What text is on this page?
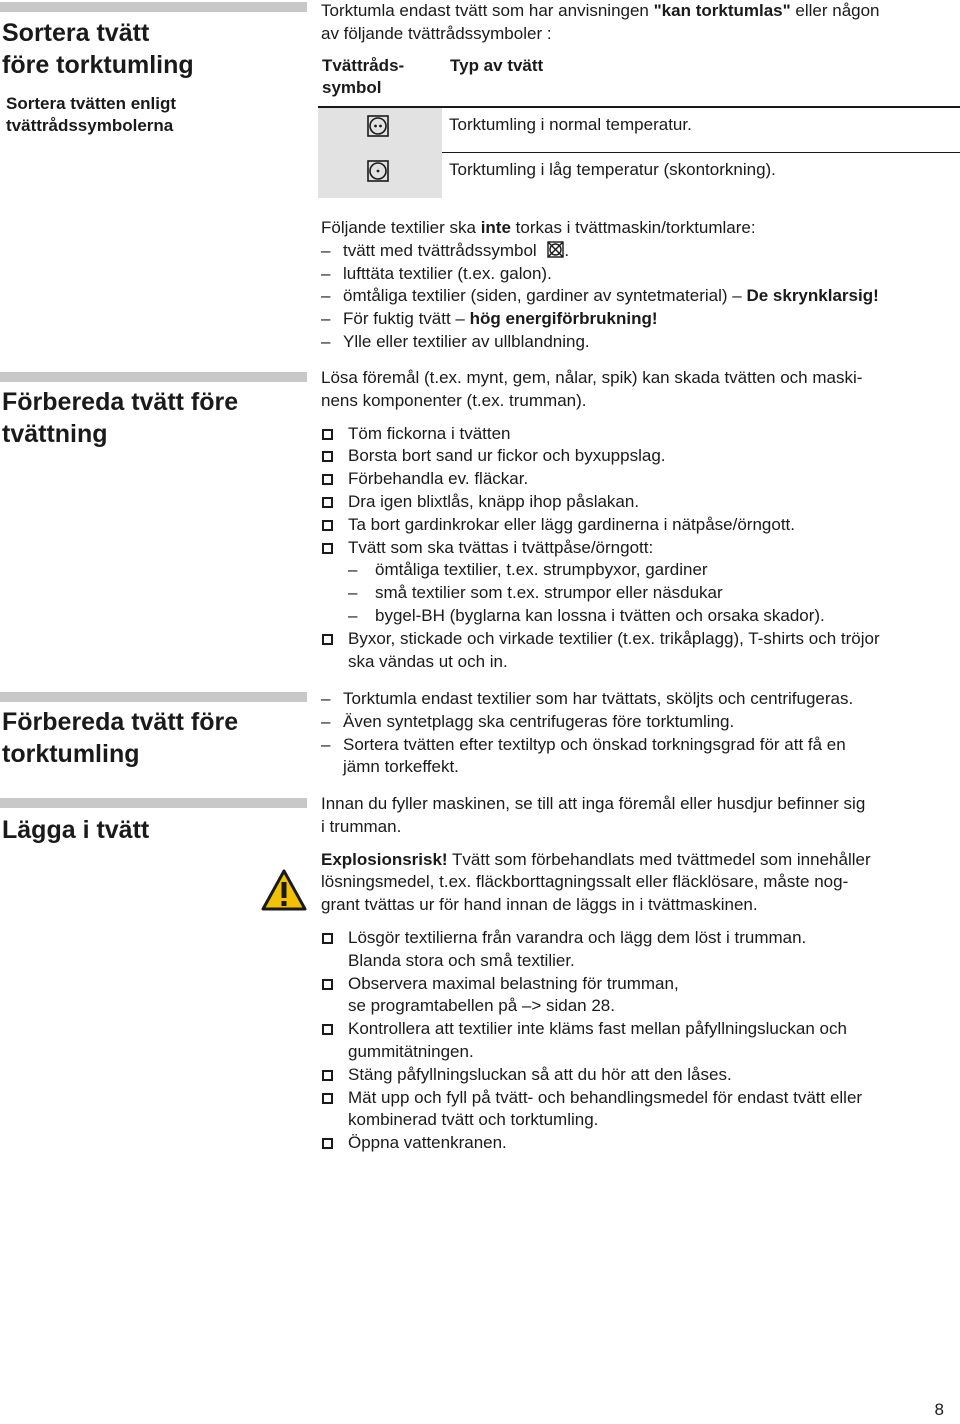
Sortera tvätt
före torktumling
Sortera tvätten enligt
tvättrådssymbolerna
Förbereda tvätt före
tvättning
Förbereda tvätt före
torktumling
Lägga i tvätt
Torktumla endast tvätt som har anvisningen "kan torktumlas" eller någon
av följande tvättrådssymboler :
Tvättråds-
symbol
Typ av tvätt
Torktumling i normal temperatur.
Torktumling i låg temperatur (skontorkning).
Följande textilier ska inte torkas i tvättmaskin/torktumlare:
– tvätt med tvättrådssymbol .
– lufttäta textilier (t.ex. galon).
– ömtåliga textilier (siden, gardiner av syntetmaterial) – De skrynklarsig!
– För fuktig tvätt – hög energiförbrukning!
– Ylle eller textilier av ullblandning.
Lösa föremål (t.ex. mynt, gem, nålar, spik) kan skada tvätten och maski-
nens komponenter (t.ex. trumman).
Töm fickorna i tvätten
Borsta bort sand ur fickor och byxuppslag.
Förbehandla ev. fläckar.
Dra igen blixtlås, knäpp ihop påslakan.
Ta bort gardinkrokar eller lägg gardinerna i nätpåse/örngott.
Tvätt som ska tvättas i tvättpåse/örngott:
– ömtåliga textilier, t.ex. strumpbyxor, gardiner
– små textilier som t.ex. strumpor eller näsdukar
– bygel-BH (byglarna kan lossna i tvätten och orsaka skador).
Byxor, stickade och virkade textilier (t.ex. trikåplagg), T-shirts och tröjor
ska vändas ut och in.
– Torktumla endast textilier som har tvättats, sköljts och centrifugeras.
– Även syntetplagg ska centrifugeras före torktumling.
– Sortera tvätten efter textiltyp och önskad torkningsgrad för att få en
jämn torkeffekt.
Innan du fyller maskinen, se till att inga föremål eller husdjur befinner sig
i trumman.
Explosionsrisk! Tvätt som förbehandlats med tvättmedel som innehåller
lösningsmedel, t.ex. fläckborttagningssalt eller fläcklösare, måste nog-
grant tvättas ur för hand innan de läggs in i tvättmaskinen.
Lösgör textilierna från varandra och lägg dem löst i trumman.
Blanda stora och små textilier.
Observera maximal belastning för trumman,
se programtabellen på –> sidan 28.
Kontrollera att textilier inte kläms fast mellan påfyllningsluckan och
gummitätningen.
Stäng påfyllningsluckan så att du hör att den låses.
Mät upp och fyll på tvätt- och behandlingsmedel för endast tvätt eller
kombinerad tvätt och torktumling.
Öppna vattenkranen.
8
